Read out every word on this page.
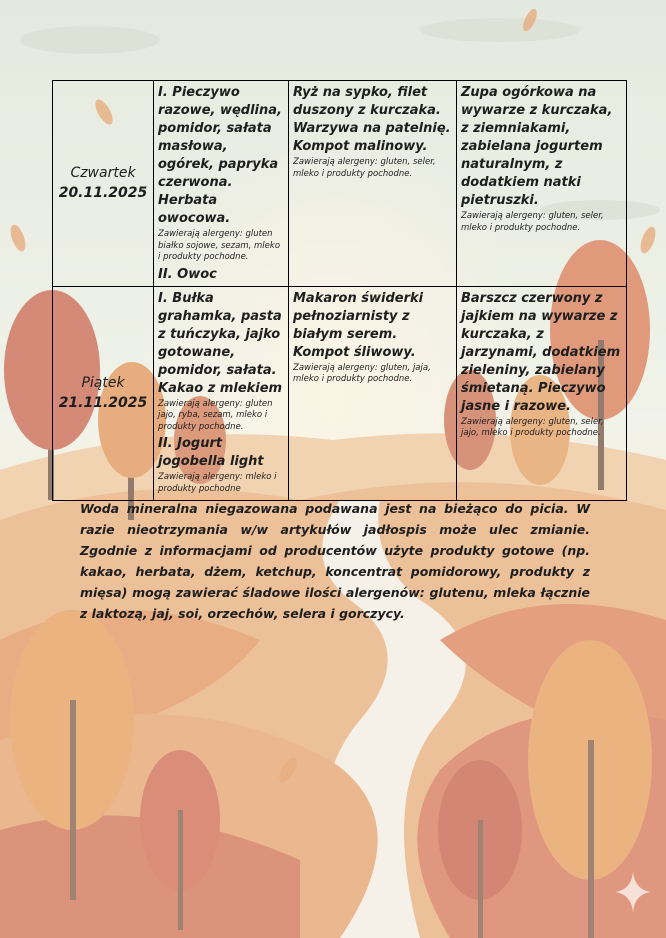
Czwartek
20.11.2025	I. Pieczywo razowe, wędlina, pomidor, sałata masłowa, ogórek, papryka czerwona. Herbata owocowa.
Zawierają alergeny: gluten białko sojowe, sezam, mleko i produkty pochodne.
II. Owoc	Ryż na sypko, filet duszony z kurczaka. Warzywa na patelnię. Kompot malinowy.
Zawierają alergeny: gluten, seler, mleko i produkty pochodne.	Zupa ogórkowa na wywarze z kurczaka, z ziemniakami, zabielana jogurtem naturalnym, z dodatkiem natki pietruszki.
Zawierają alergeny: gluten, seler, mleko i produkty pochodne.

Piątek
21.11.2025	I. Bułka grahamka, pasta z tuńczyka, jajko gotowane, pomidor, sałata. Kakao z mlekiem
Zawierają alergeny: gluten jajo, ryba, sezam, mleko i produkty pochodne.
II. Jogurt jogobella light
Zawierają alergeny: mleko i produkty pochodne	Makaron świderki pełnoziarnisty z białym serem. Kompot śliwowy.
Zawierają alergeny: gluten, jaja, mleko i produkty pochodne.	Barszcz czerwony z jajkiem na wywarze z kurczaka, z jarzynami, dodatkiem zieleniny, zabielany śmietaną. Pieczywo jasne i razowe.
Zawierają alergeny: gluten, seler, jajo, mleko i produkty pochodne.
Woda mineralna niegazowana podawana jest na bieżąco do picia. W razie nieotrzymania w/w artykułów jadłospis może ulec zmianie. Zgodnie z informacjami od producentów użyte produkty gotowe (np. kakao, herbata, dżem, ketchup, koncentrat pomidorowy, produkty z mięsa) mogą zawierać śladowe ilości alergenów: glutenu, mleka łącznie z laktozą, jaj, soi, orzechów, selera i gorczycy.
